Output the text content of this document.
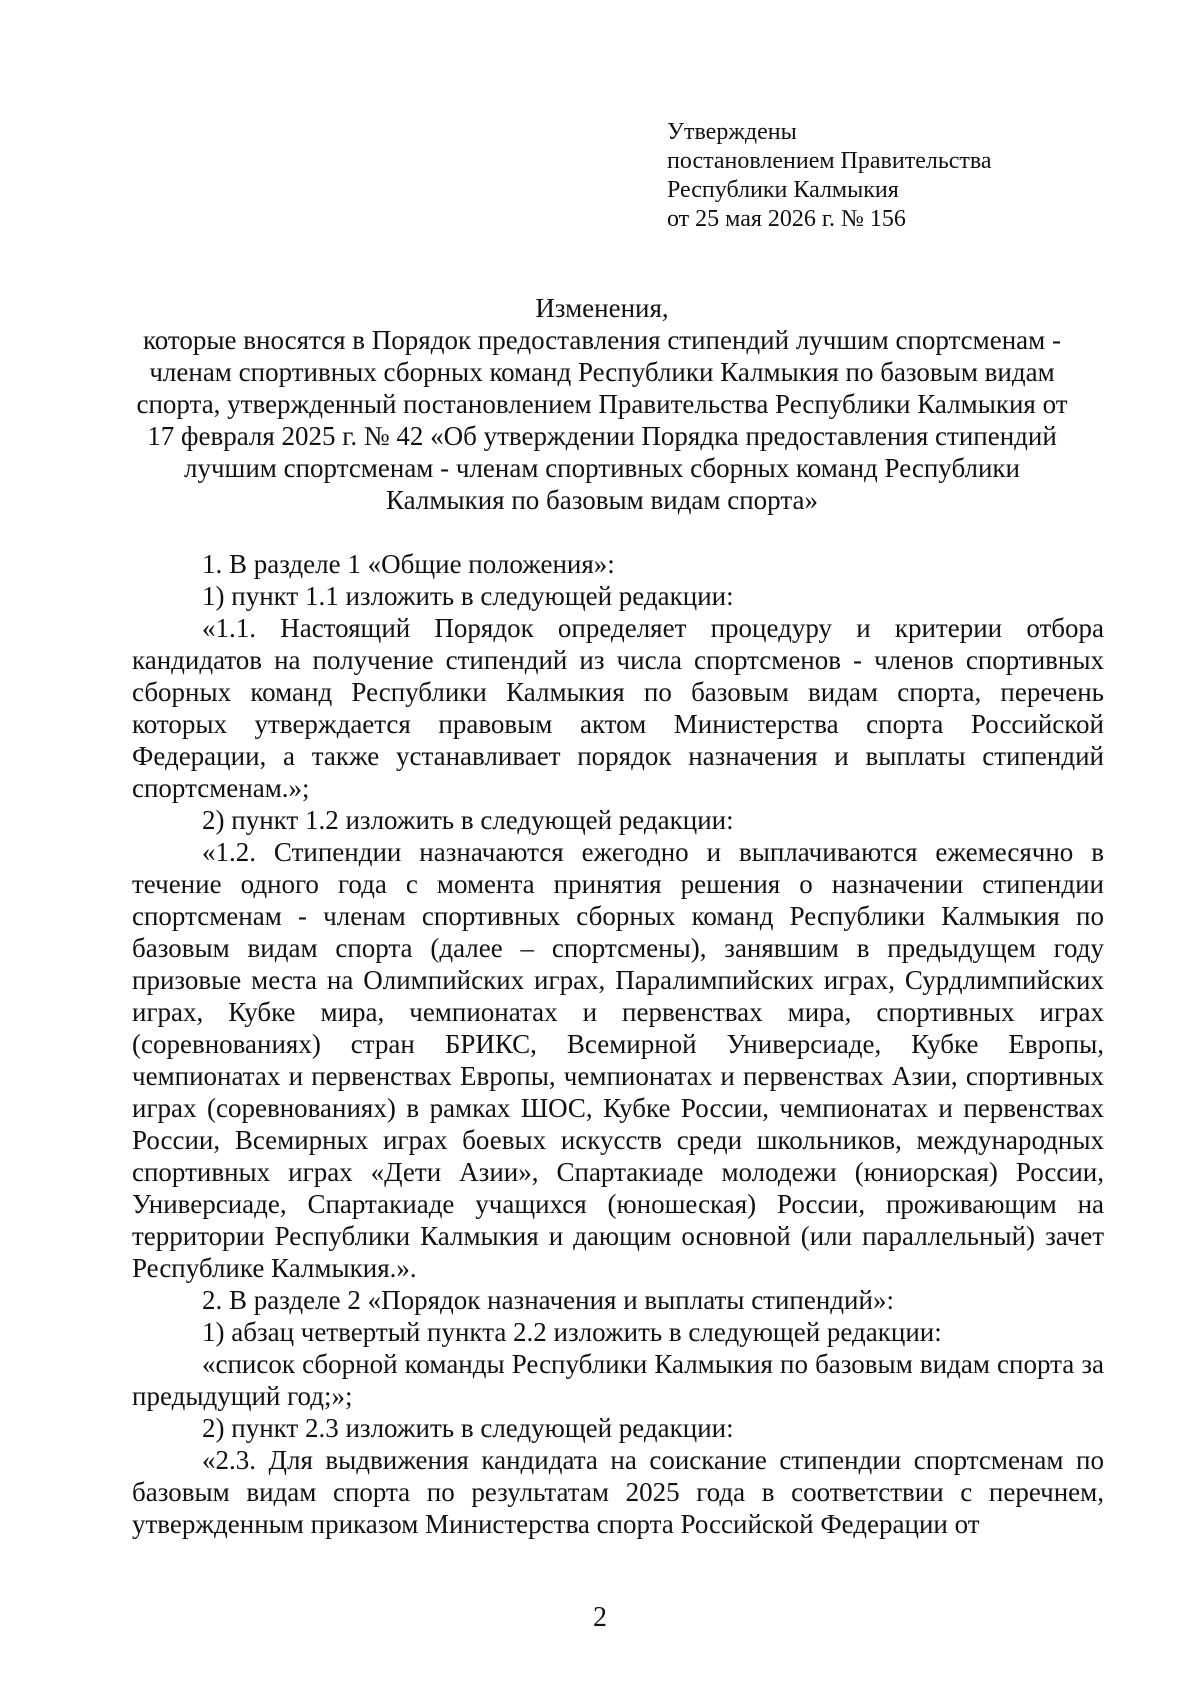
Утверждены
постановлением Правительства
Республики Калмыкия
от 25 мая 2026 г. № 156
Изменения,
которые вносятся в Порядок предоставления стипендий лучшим спортсменам -
членам спортивных сборных команд Республики Калмыкия по базовым видам
спорта, утвержденный постановлением Правительства Республики Калмыкия от
17 февраля 2025 г. № 42 «Об утверждении Порядка предоставления стипендий
лучшим спортсменам - членам спортивных сборных команд Республики
Калмыкия по базовым видам спорта»

1. В разделе 1 «Общие положения»:

1) пункт 1.1 изложить в следующей редакции:

«1.1. Настоящий Порядок определяет процедуру и критерии отбора кандидатов на получение стипендий из числа спортсменов - членов спортивных сборных команд Республики Калмыкия по базовым видам спорта, перечень которых утверждается правовым актом Министерства спорта Российской Федерации, а также устанавливает порядок назначения и выплаты стипендий спортсменам.»;

2) пункт 1.2 изложить в следующей редакции:

«1.2. Стипендии назначаются ежегодно и выплачиваются ежемесячно в течение одного года с момента принятия решения о назначении стипендии спортсменам - членам спортивных сборных команд Республики Калмыкия по базовым видам спорта (далее – спортсмены), занявшим в предыдущем году призовые места на Олимпийских играх, Паралимпийских играх, Сурдлимпийских играх, Кубке мира, чемпионатах и первенствах мира, спортивных играх (соревнованиях) стран БРИКС, Всемирной Универсиаде, Кубке Европы, чемпионатах и первенствах Европы, чемпионатах и первенствах Азии, спортивных играх (соревнованиях) в рамках ШОС, Кубке России, чемпионатах и первенствах России, Всемирных играх боевых искусств среди школьников, международных спортивных играх «Дети Азии», Спартакиаде молодежи (юниорская) России, Универсиаде, Спартакиаде учащихся (юношеская) России, проживающим на территории Республики Калмыкия и дающим основной (или параллельный) зачет Республике Калмыкия.».

2. В разделе 2 «Порядок назначения и выплаты стипендий»:

1) абзац четвертый пункта 2.2 изложить в следующей редакции:

«список сборной команды Республики Калмыкия по базовым видам спорта за предыдущий год;»;

2) пункт 2.3 изложить в следующей редакции:

«2.3. Для выдвижения кандидата на соискание стипендии спортсменам по базовым видам спорта по результатам 2025 года в соответствии с перечнем, утвержденным приказом Министерства спорта Российской Федерации от

2
